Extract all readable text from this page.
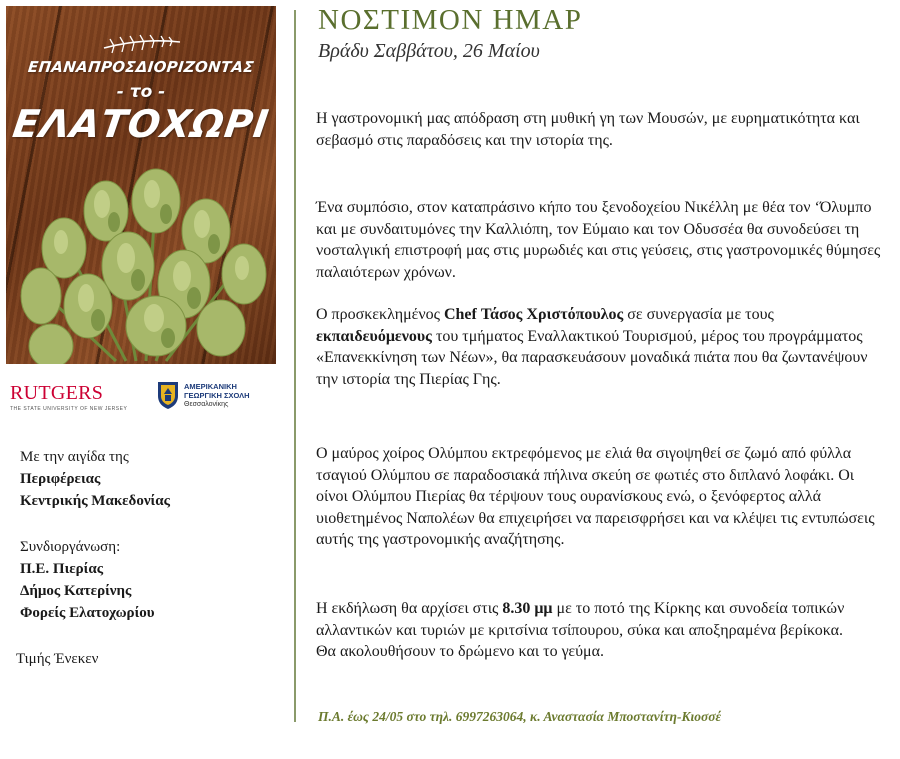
ΕΠΑΝΑΠΡΟΣΔΙΟΡΙΖΟΝΤΑΣ
- το -
ΕΛΑΤΟΧΩΡΙ
RUTGERS
THE STATE UNIVERSITY OF NEW JERSEY
ΑΜΕΡΙΚΑΝΙΚΗ
ΓΕΩΡΓΙΚΗ ΣΧΟΛΗ
Θεσσαλονίκης
Με την αιγίδα της
Περιφέρειας
Κεντρικής Μακεδονίας
Συνδιοργάνωση:
Π.Ε. Πιερίας
Δήμος Κατερίνης
Φορείς Ελατοχωρίου
Τιμής Ένεκεν
ΝΟΣΤΙΜΟΝ ΗΜΑΡ
Βράδυ Σαββάτου, 26 Μαίου
Η γαστρονομική μας απόδραση στη μυθική γη των Μουσών, με ευρηματικότητα και σεβασμό στις παραδόσεις και την ιστορία της.
Ένα συμπόσιο, στον καταπράσινο κήπο του ξενοδοχείου Νικέλλη με θέα τον ‘Όλυμπο και με συνδαιτυμόνες την Καλλιόπη, τον Εύμαιο και τον Οδυσσέα θα συνοδεύσει τη νοσταλγική επιστροφή μας στις μυρωδιές και στις γεύσεις, στις γαστρονομικές θύμησες παλαιότερων χρόνων.
Ο προσκεκλημένος Chef Τάσος Χριστόπουλος σε συνεργασία με τους εκπαιδευόμενους του τμήματος Εναλλακτικού Τουρισμού, μέρος του προγράμματος «Επανεκκίνηση των Νέων», θα παρασκευάσουν μοναδικά πιάτα που θα ζωντανέψουν την ιστορία της Πιερίας Γης.
Ο μαύρος χοίρος Ολύμπου εκτρεφόμενος με ελιά θα σιγοψηθεί σε ζωμό από φύλλα τσαγιού Ολύμπου σε παραδοσιακά πήλινα σκεύη σε φωτιές στο διπλανό λοφάκι. Οι οίνοι Ολύμπου Πιερίας θα τέρψουν τους ουρανίσκους ενώ, ο ξενόφερτος αλλά υιοθετημένος Ναπολέων θα επιχειρήσει να παρεισφρήσει και να κλέψει τις εντυπώσεις αυτής της γαστρονομικής αναζήτησης.
Η εκδήλωση θα αρχίσει στις 8.30 μμ με το ποτό της Κίρκης και συνοδεία τοπικών αλλαντικών και τυριών με κριτσίνια τσίπουρου, σύκα και αποξηραμένα βερίκοκα.
Θα ακολουθήσουν το δρώμενο και το γεύμα.
Π.Α. έως 24/05 στο τηλ. 6997263064, κ. Αναστασία Μποστανίτη-Κιοσσέ
